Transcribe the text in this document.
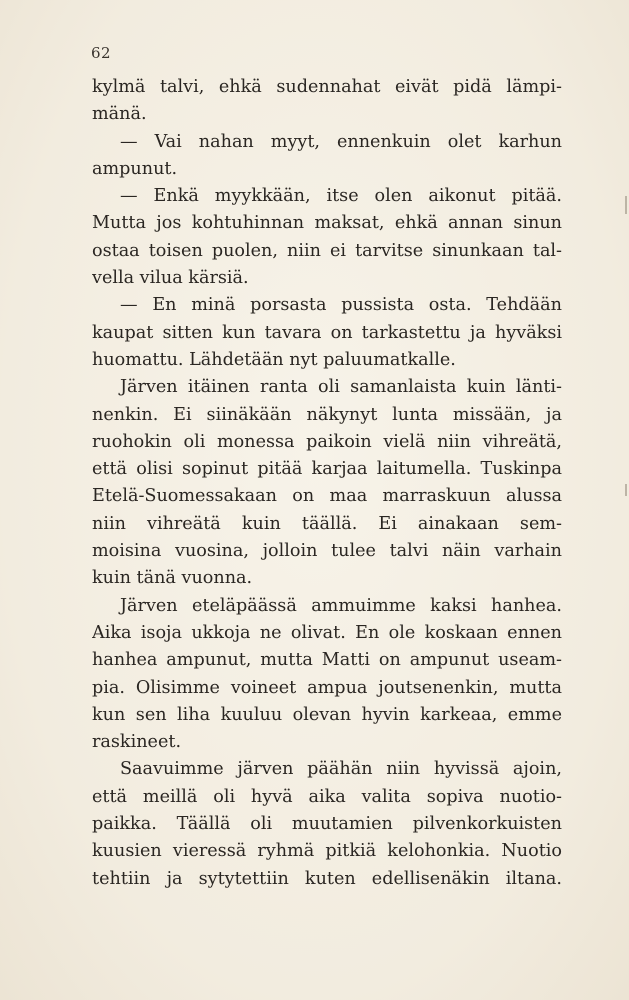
62
kylmä talvi, ehkä sudennahat eivät pidä lämpi-
mänä.
— Vai nahan myyt, ennenkuin olet karhun
ampunut.
— Enkä myykkään, itse olen aikonut pitää.
Mutta jos kohtuhinnan maksat, ehkä annan sinun
ostaa toisen puolen, niin ei tarvitse sinunkaan tal-
vella vilua kärsiä.
— En minä porsasta pussista osta. Tehdään
kaupat sitten kun tavara on tarkastettu ja hyväksi
huomattu. Lähdetään nyt paluumatkalle.
Järven itäinen ranta oli samanlaista kuin länti-
nenkin. Ei siinäkään näkynyt lunta missään, ja
ruohokin oli monessa paikoin vielä niin vihreätä,
että olisi sopinut pitää karjaa laitumella. Tuskinpa
Etelä-Suomessakaan on maa marraskuun alussa
niin vihreätä kuin täällä. Ei ainakaan sem-
moisina vuosina, jolloin tulee talvi näin varhain
kuin tänä vuonna.
Järven eteläpäässä ammuimme kaksi hanhea.
Aika isoja ukkoja ne olivat. En ole koskaan ennen
hanhea ampunut, mutta Matti on ampunut useam-
pia. Olisimme voineet ampua joutsenenkin, mutta
kun sen liha kuuluu olevan hyvin karkeaa, emme
raskineet.
Saavuimme järven päähän niin hyvissä ajoin,
että meillä oli hyvä aika valita sopiva nuotio-
paikka. Täällä oli muutamien pilvenkorkuisten
kuusien vieressä ryhmä pitkiä kelohonkia. Nuotio
tehtiin ja sytytettiin kuten edellisenäkin iltana.
